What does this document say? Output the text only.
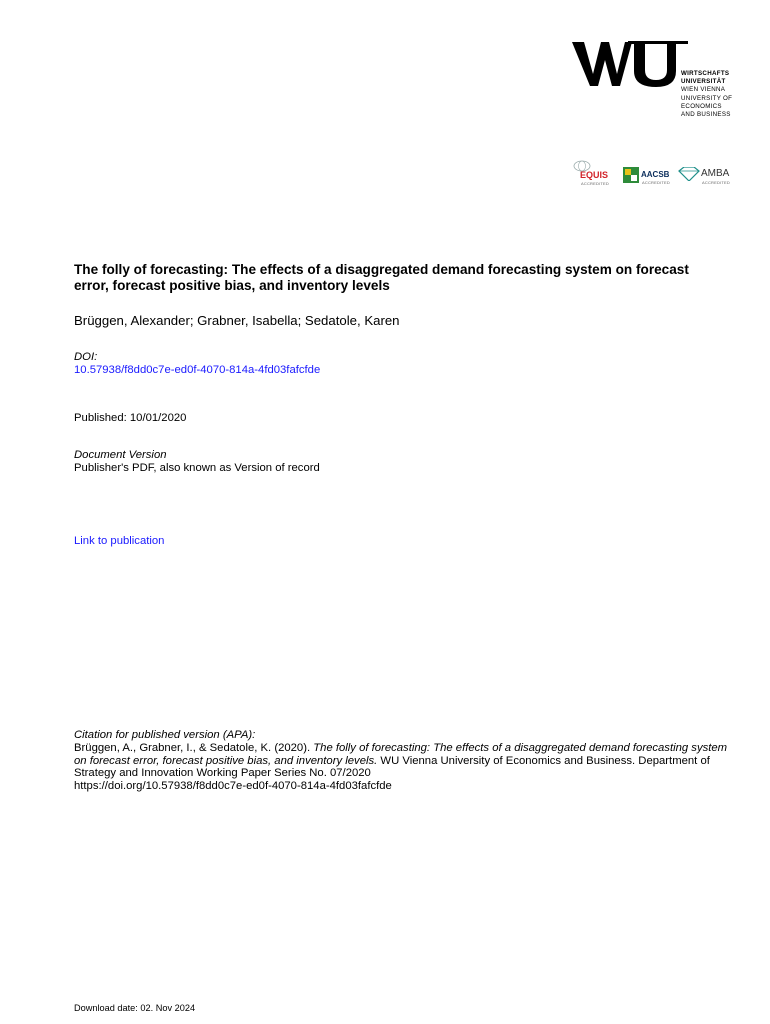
WIRTSCHAFTS
UNIVERSITÄT
WIEN VIENNA
UNIVERSITY OF
ECONOMICS
AND BUSINESS
EQUIS
ACCREDITED
AACSB
ACCREDITED
AMBA
ACCREDITED
The folly of forecasting: The effects of a disaggregated demand forecasting system on forecast error, forecast positive bias, and inventory levels
Brüggen, Alexander; Grabner, Isabella; Sedatole, Karen
DOI:
10.57938/f8dd0c7e-ed0f-4070-814a-4fd03fafcfde
Published: 10/01/2020
Document Version
Publisher's PDF, also known as Version of record
Link to publication
Citation for published version (APA):

Brüggen, A., Grabner, I., & Sedatole, K. (2020). The folly of forecasting: The effects of a disaggregated demand forecasting system on forecast error, forecast positive bias, and inventory levels. WU Vienna University of Economics and Business. Department of Strategy and Innovation Working Paper Series No. 07/2020
https://doi.org/10.57938/f8dd0c7e-ed0f-4070-814a-4fd03fafcfde

Download date: 02. Nov 2024
